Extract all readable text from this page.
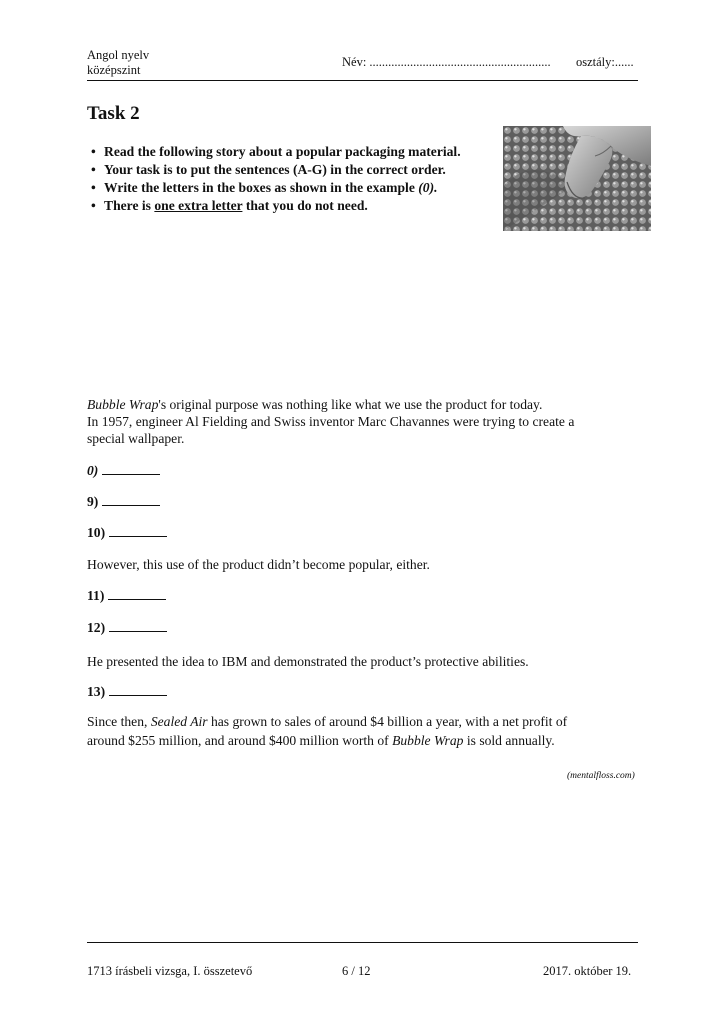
Angol nyelv
középszint
Név: .......................................................... osztály:......
Task 2
• Read the following story about a popular packaging material.
• Your task is to put the sentences (A-G) in the correct order.
• Write the letters in the boxes as shown in the example (0).
• There is one extra letter that you do not need.
Bubble Wrap's original purpose was nothing like what we use the product for today.
In 1957, engineer Al Fielding and Swiss inventor Marc Chavannes were trying to create a
special wallpaper.
0)
9)
10)
However, this use of the product didn’t become popular, either.
11)
12)
He presented the idea to IBM and demonstrated the product’s protective abilities.
13)
Since then, Sealed Air has grown to sales of around $4 billion a year, with a net profit of
around $255 million, and around $400 million worth of Bubble Wrap is sold annually.
(mentalfloss.com)
1713 írásbeli vizsga, I. összetevő	6 / 12	2017. október 19.
